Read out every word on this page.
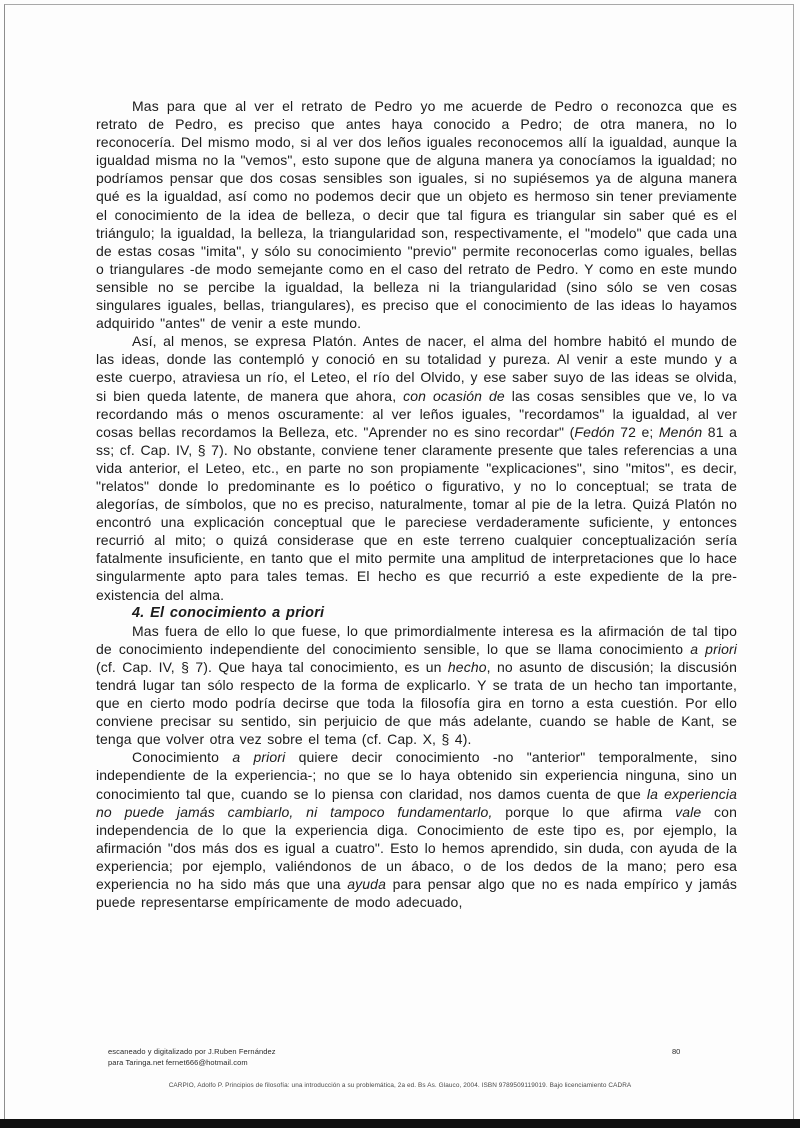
Mas para que al ver el retrato de Pedro yo me acuerde de Pedro o reconozca que es retrato de Pedro, es preciso que antes haya conocido a Pedro; de otra manera, no lo reconocería. Del mismo modo, si al ver dos leños iguales reconocemos allí la igualdad, aunque la igualdad misma no la "vemos", esto supone que de alguna manera ya conocíamos la igualdad; no podríamos pensar que dos cosas sensibles son iguales, si no supiésemos ya de alguna manera qué es la igualdad, así como no podemos decir que un objeto es hermoso sin tener previamente el conocimiento de la idea de belleza, o decir que tal figura es triangular sin saber qué es el triángulo; la igualdad, la belleza, la triangularidad son, respectivamente, el "modelo" que cada una de estas cosas "imita", y sólo su conocimiento "previo" permite reconocerlas como iguales, bellas o triangulares -de modo semejante como en el caso del retrato de Pedro. Y como en este mundo sensible no se percibe la igualdad, la belleza ni la triangularidad (sino sólo se ven cosas singulares iguales, bellas, triangulares), es preciso que el conocimiento de las ideas lo hayamos adquirido "antes" de venir a este mundo.

Así, al menos, se expresa Platón. Antes de nacer, el alma del hombre habitó el mundo de las ideas, donde las contempló y conoció en su totalidad y pureza. Al venir a este mundo y a este cuerpo, atraviesa un río, el Leteo, el río del Olvido, y ese saber suyo de las ideas se olvida, si bien queda latente, de manera que ahora, con ocasión de las cosas sensibles que ve, lo va recordando más o menos oscuramente: al ver leños iguales, "recordamos" la igualdad, al ver cosas bellas recordamos la Belleza, etc. "Aprender no es sino recordar" (Fedón 72 e; Menón 81 a ss; cf. Cap. IV, § 7). No obstante, conviene tener claramente presente que tales referencias a una vida anterior, el Leteo, etc., en parte no son propiamente "explicaciones", sino "mitos", es decir, "relatos" donde lo predominante es lo poético o figurativo, y no lo conceptual; se trata de alegorías, de símbolos, que no es preciso, naturalmente, tomar al pie de la letra. Quizá Platón no encontró una explicación conceptual que le pareciese verdaderamente suficiente, y entonces recurrió al mito; o quizá considerase que en este terreno cualquier conceptualización sería fatalmente insuficiente, en tanto que el mito permite una amplitud de interpretaciones que lo hace singularmente apto para tales temas. El hecho es que recurrió a este expediente de la pre-existencia del alma.

4. El conocimiento a priori

Mas fuera de ello lo que fuese, lo que primordialmente interesa es la afirmación de tal tipo de conocimiento independiente del conocimiento sensible, lo que se llama conocimiento a priori (cf. Cap. IV, § 7). Que haya tal conocimiento, es un hecho, no asunto de discusión; la discusión tendrá lugar tan sólo respecto de la forma de explicarlo. Y se trata de un hecho tan importante, que en cierto modo podría decirse que toda la filosofía gira en torno a esta cuestión. Por ello conviene precisar su sentido, sin perjuicio de que más adelante, cuando se hable de Kant, se tenga que volver otra vez sobre el tema (cf. Cap. X, § 4).

Conocimiento a priori quiere decir conocimiento -no "anterior" temporalmente, sino independiente de la experiencia-; no que se lo haya obtenido sin experiencia ninguna, sino un conocimiento tal que, cuando se lo piensa con claridad, nos damos cuenta de que la experiencia no puede jamás cambiarlo, ni tampoco fundamentarlo, porque lo que afirma vale con independencia de lo que la experiencia diga. Conocimiento de este tipo es, por ejemplo, la afirmación "dos más dos es igual a cuatro". Esto lo hemos aprendido, sin duda, con ayuda de la experiencia; por ejemplo, valiéndonos de un ábaco, o de los dedos de la mano; pero esa experiencia no ha sido más que una ayuda para pensar algo que no es nada empírico y jamás puede representarse empíricamente de modo adecuado,

escaneado y digitalizado por J.Ruben Fernández
para Taringa.net fernet666@hotmail.com
80
CARPIO, Adolfo P. Principios de filosofía: una introducción a su problemática, 2a ed. Bs As. Glauco, 2004. ISBN 9789509119019. Bajo licenciamiento CADRA
